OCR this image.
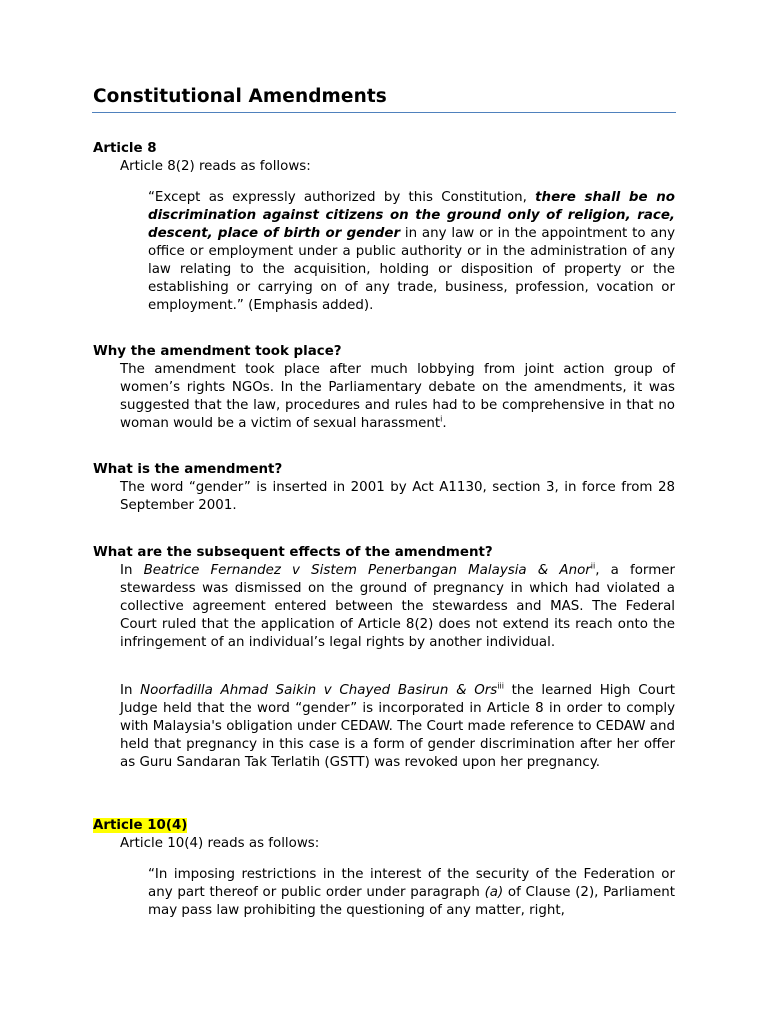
Constitutional Amendments
Article 8
Article 8(2) reads as follows:
“Except as expressly authorized by this Constitution, there shall be no discrimination against citizens on the ground only of religion, race, descent, place of birth or gender in any law or in the appointment to any office or employment under a public authority or in the administration of any law relating to the acquisition, holding or disposition of property or the establishing or carrying on of any trade, business, profession, vocation or employment.” (Emphasis added).
Why the amendment took place?
The amendment took place after much lobbying from joint action group of women’s rights NGOs. In the Parliamentary debate on the amendments, it was suggested that the law, procedures and rules had to be comprehensive in that no woman would be a victim of sexual harassment$^i$.
What is the amendment?
The word “gender” is inserted in 2001 by Act A1130, section 3, in force from 28 September 2001.
What are the subsequent effects of the amendment?
In Beatrice Fernandez v Sistem Penerbangan Malaysia & Anor$^{ii}$, a former stewardess was dismissed on the ground of pregnancy in which had violated a collective agreement entered between the stewardess and MAS. The Federal Court ruled that the application of Article 8(2) does not extend its reach onto the infringement of an individual’s legal rights by another individual.
In Noorfadilla Ahmad Saikin v Chayed Basirun & Ors$^{iii}$ the learned High Court Judge held that the word “gender” is incorporated in Article 8 in order to comply with Malaysia's obligation under CEDAW. The Court made reference to CEDAW and held that pregnancy in this case is a form of gender discrimination after her offer as Guru Sandaran Tak Terlatih (GSTT) was revoked upon her pregnancy.
Article 10(4)
Article 10(4) reads as follows:
“In imposing restrictions in the interest of the security of the Federation or any part thereof or public order under paragraph (a) of Clause (2), Parliament may pass law prohibiting the questioning of any matter, right,
